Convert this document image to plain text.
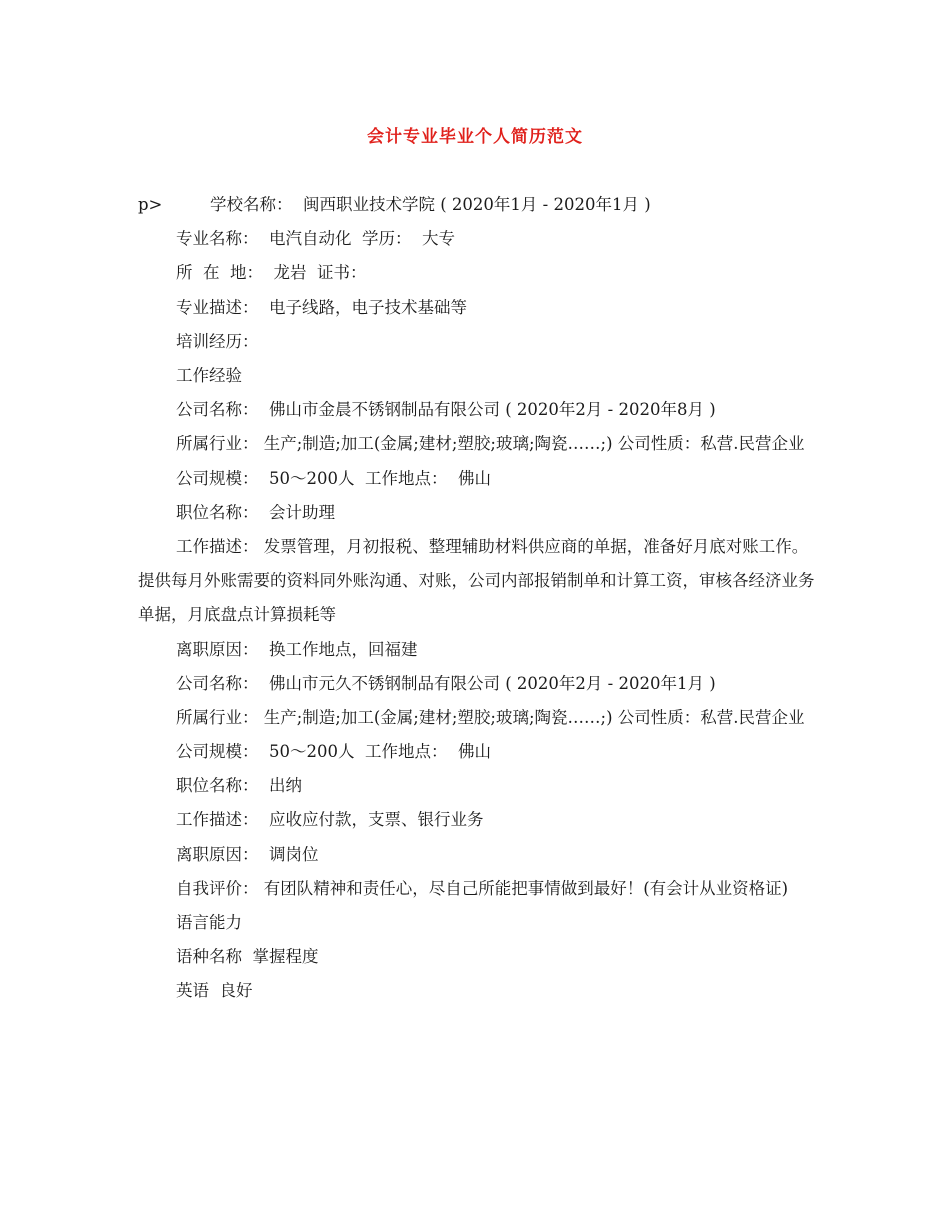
会计专业毕业个人简历范文
p>	学校名称：  闽西职业技术学院 ( 2020年1月 - 2020年1月 )
专业名称：  电汽自动化  学历：  大专
所  在  地：  龙岩  证书：
专业描述：  电子线路，电子技术基础等
培训经历：
工作经验
公司名称：  佛山市金晨不锈钢制品有限公司 ( 2020年2月 - 2020年8月 )
所属行业： 生产;制造;加工(金属;建材;塑胶;玻璃;陶瓷……;) 公司性质：私营.民营企业
公司规模：  50～200人  工作地点：  佛山
职位名称：  会计助理
工作描述： 发票管理，月初报税、整理辅助材料供应商的单据，准备好月底对账工作。提供每月外账需要的资料同外账沟通、对账，公司内部报销制单和计算工资，审核各经济业务单据，月底盘点计算损耗等
离职原因：  换工作地点，回福建
公司名称：  佛山市元久不锈钢制品有限公司 ( 2020年2月 - 2020年1月 )
所属行业： 生产;制造;加工(金属;建材;塑胶;玻璃;陶瓷……;) 公司性质：私营.民营企业
公司规模：  50～200人  工作地点：  佛山
职位名称：  出纳
工作描述：  应收应付款，支票、银行业务
离职原因：  调岗位
自我评价： 有团队精神和责任心，尽自己所能把事情做到最好！(有会计从业资格证)
语言能力
语种名称  掌握程度
英语  良好
